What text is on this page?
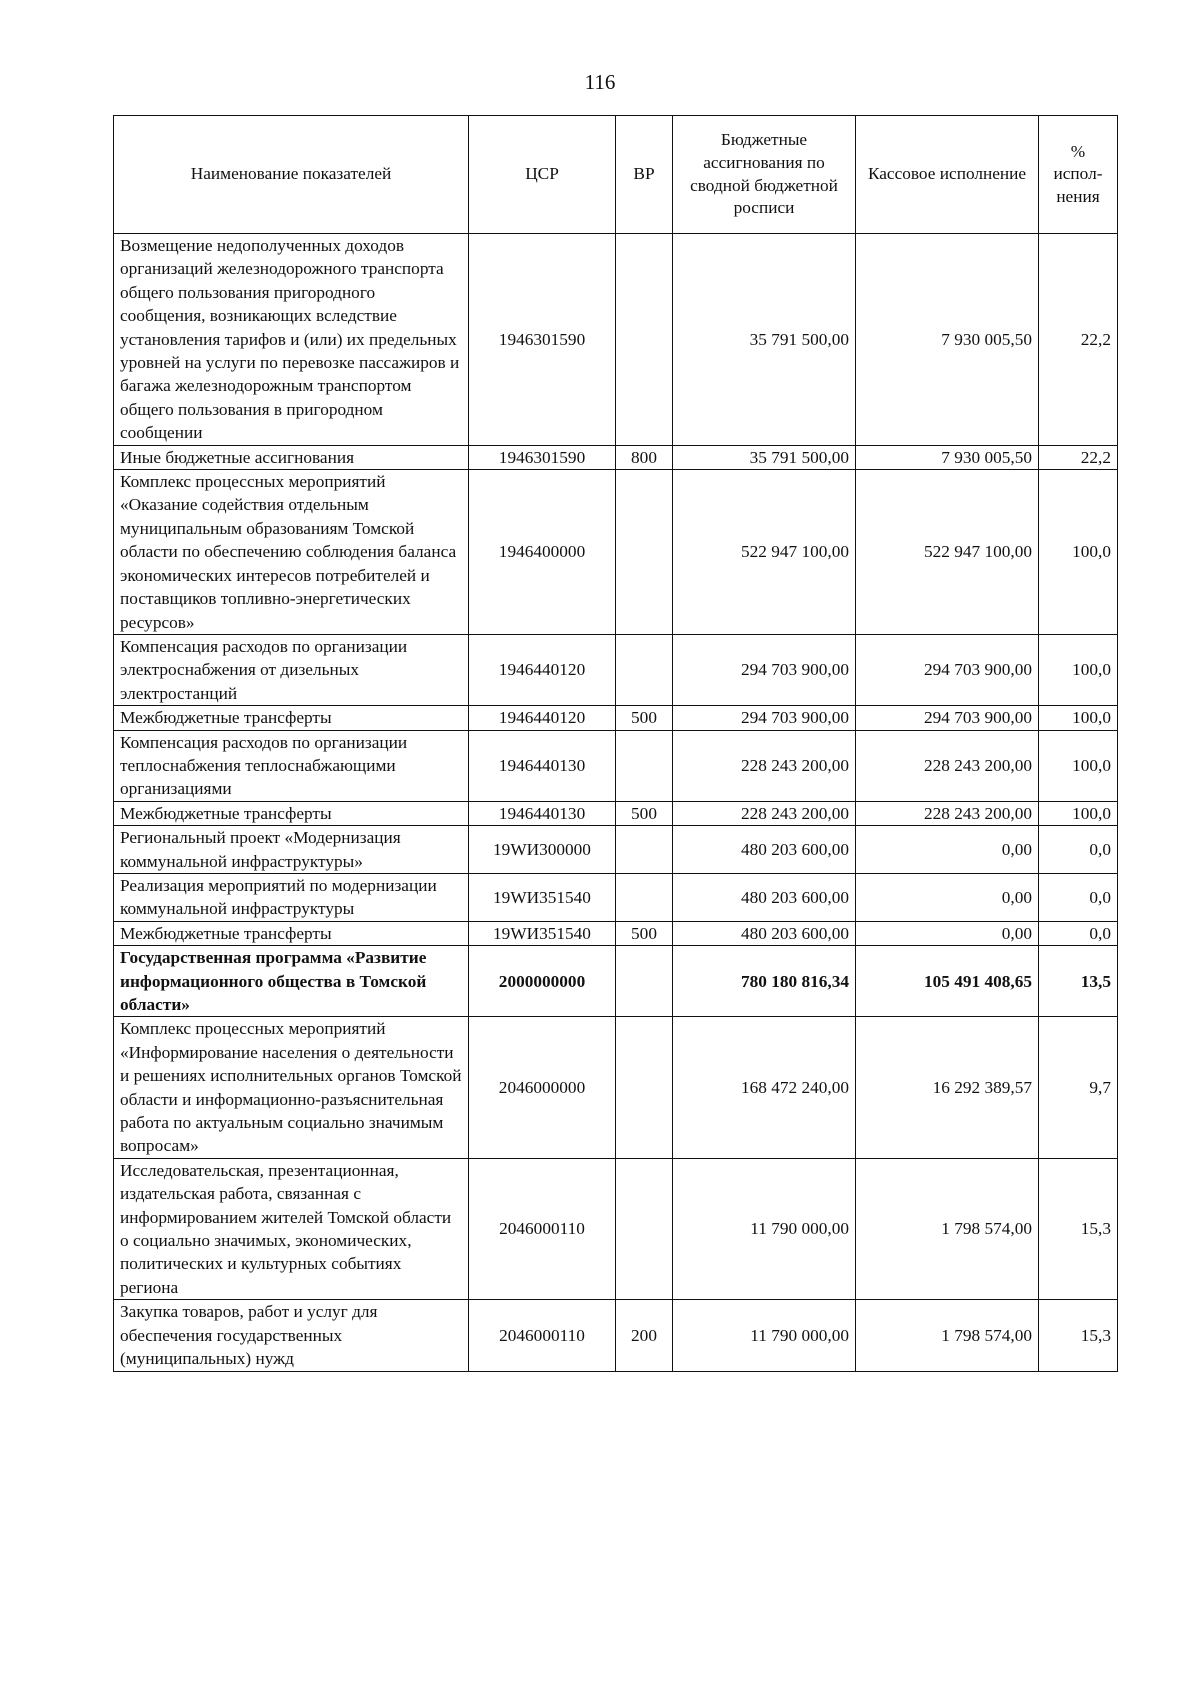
116
Наименование показателей	ЦСР	ВР	Бюджетные ассигнования по сводной бюджетной росписи	Кассовое исполнение	% испол-нения
Возмещение недополученных доходов организаций железнодорожного транспорта общего пользования пригородного сообщения, возникающих вследствие установления тарифов и (или) их предельных уровней на услуги по перевозке пассажиров и багажа железнодорожным транспортом общего пользования в пригородном сообщении	1946301590		35 791 500,00	7 930 005,50	22,2
Иные бюджетные ассигнования	1946301590	800	35 791 500,00	7 930 005,50	22,2
Комплекс процессных мероприятий «Оказание содействия отдельным муниципальным образованиям Томской области по обеспечению соблюдения баланса экономических интересов потребителей и поставщиков топливно-энергетических ресурсов»	1946400000		522 947 100,00	522 947 100,00	100,0
Компенсация расходов по организации электроснабжения от дизельных электростанций	1946440120		294 703 900,00	294 703 900,00	100,0
Межбюджетные трансферты	1946440120	500	294 703 900,00	294 703 900,00	100,0
Компенсация расходов по организации теплоснабжения теплоснабжающими организациями	1946440130		228 243 200,00	228 243 200,00	100,0
Межбюджетные трансферты	1946440130	500	228 243 200,00	228 243 200,00	100,0
Региональный проект «Модернизация коммунальной инфраструктуры»	19WИ300000		480 203 600,00	0,00	0,0
Реализация мероприятий по модернизации коммунальной инфраструктуры	19WИ351540		480 203 600,00	0,00	0,0
Межбюджетные трансферты	19WИ351540	500	480 203 600,00	0,00	0,0
Государственная программа «Развитие информационного общества в Томской области»	2000000000		780 180 816,34	105 491 408,65	13,5
Комплекс процессных мероприятий «Информирование населения о деятельности и решениях исполнительных органов Томской области и информационно-разъяснительная работа по актуальным социально значимым вопросам»	2046000000		168 472 240,00	16 292 389,57	9,7
Исследовательская, презентационная, издательская работа, связанная с информированием жителей Томской области о социально значимых, экономических, политических и культурных событиях региона	2046000110		11 790 000,00	1 798 574,00	15,3
Закупка товаров, работ и услуг для обеспечения государственных (муниципальных) нужд	2046000110	200	11 790 000,00	1 798 574,00	15,3
